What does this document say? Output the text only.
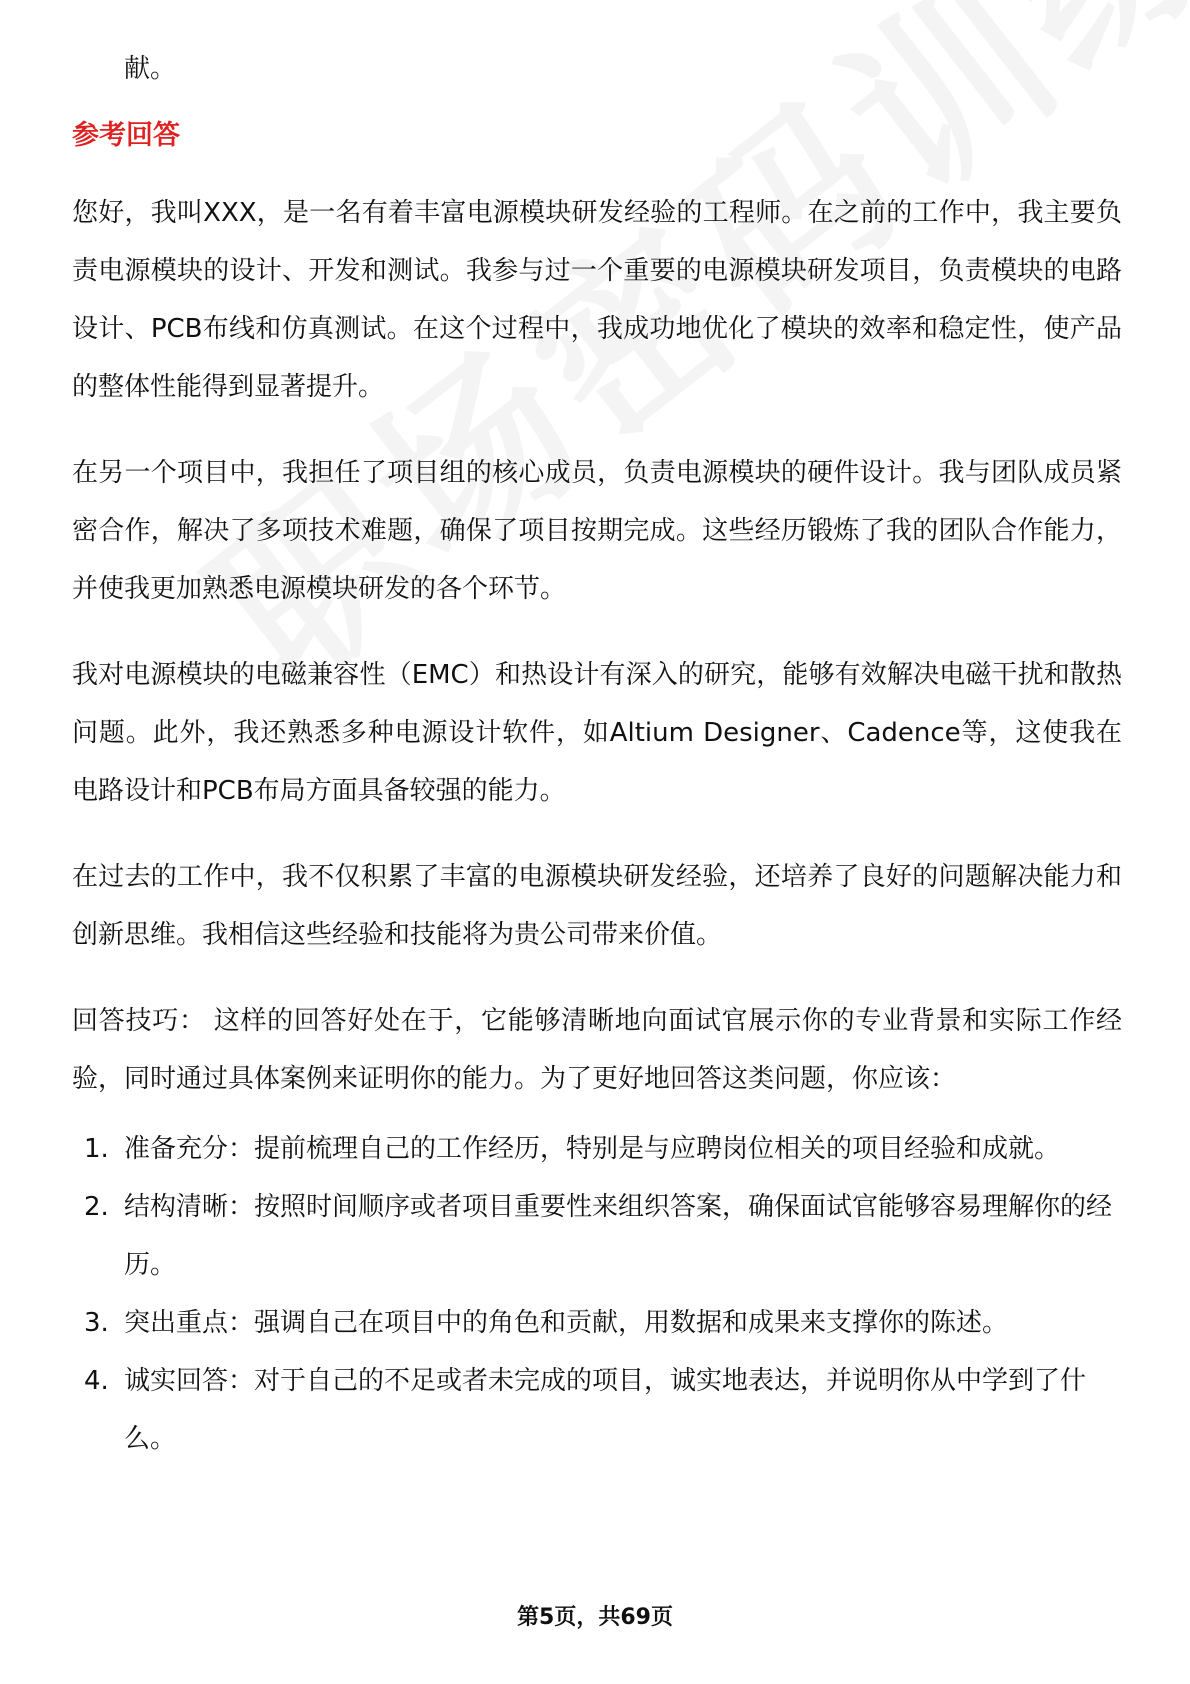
献。

参考回答

您好，我叫XXX，是一名有着丰富电源模块研发经验的工程师。在之前的工作中，我主要负责电源模块的设计、开发和测试。我参与过一个重要的电源模块研发项目，负责模块的电路设计、PCB布线和仿真测试。在这个过程中，我成功地优化了模块的效率和稳定性，使产品的整体性能得到显著提升。

在另一个项目中，我担任了项目组的核心成员，负责电源模块的硬件设计。我与团队成员紧密合作，解决了多项技术难题，确保了项目按期完成。这些经历锻炼了我的团队合作能力，并使我更加熟悉电源模块研发的各个环节。

我对电源模块的电磁兼容性（EMC）和热设计有深入的研究，能够有效解决电磁干扰和散热问题。此外，我还熟悉多种电源设计软件，如Altium Designer、Cadence等，这使我在电路设计和PCB布局方面具备较强的能力。

在过去的工作中，我不仅积累了丰富的电源模块研发经验，还培养了良好的问题解决能力和创新思维。我相信这些经验和技能将为贵公司带来价值。

回答技巧： 这样的回答好处在于，它能够清晰地向面试官展示你的专业背景和实际工作经验，同时通过具体案例来证明你的能力。为了更好地回答这类问题，你应该：

1. 准备充分：提前梳理自己的工作经历，特别是与应聘岗位相关的项目经验和成就。
2. 结构清晰：按照时间顺序或者项目重要性来组织答案，确保面试官能够容易理解你的经历。
3. 突出重点：强调自己在项目中的角色和贡献，用数据和成果来支撑你的陈述。
4. 诚实回答：对于自己的不足或者未完成的项目，诚实地表达，并说明你从中学到了什么。
第5页，共69页
